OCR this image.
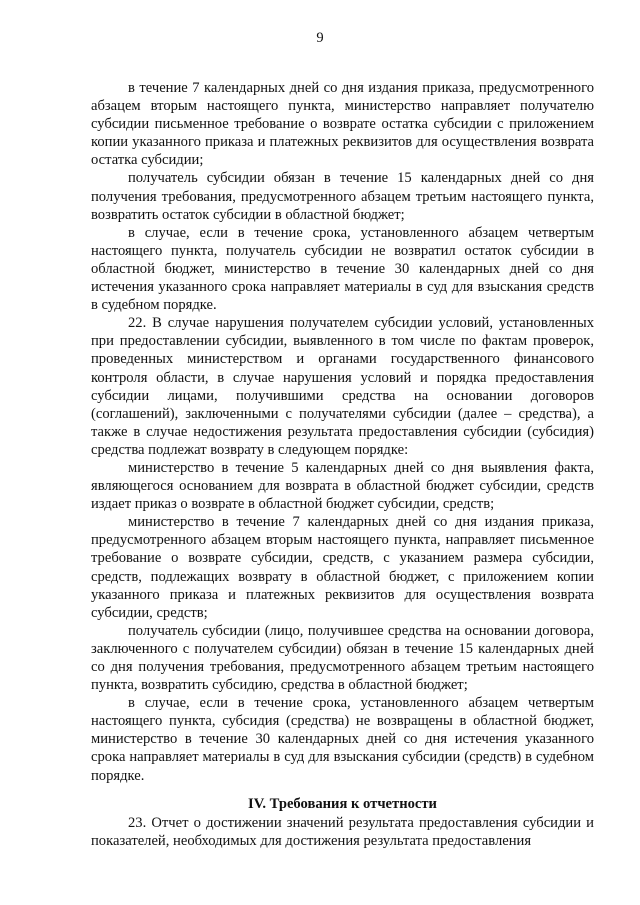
9

в течение 7 календарных дней со дня издания приказа, предусмотренного абзацем вторым настоящего пункта, министерство направляет получателю субсидии письменное требование о возврате остатка субсидии с приложением копии указанного приказа и платежных реквизитов для осуществления возврата остатка субсидии;

получатель субсидии обязан в течение 15 календарных дней со дня получения требования, предусмотренного абзацем третьим настоящего пункта, возвратить остаток субсидии в областной бюджет;

в случае, если в течение срока, установленного абзацем четвертым настоящего пункта, получатель субсидии не возвратил остаток субсидии в областной бюджет, министерство в течение 30 календарных дней со дня истечения указанного срока направляет материалы в суд для взыскания средств в судебном порядке.

22. В случае нарушения получателем субсидии условий, установленных при предоставлении субсидии, выявленного в том числе по фактам проверок, проведенных министерством и органами государственного финансового контроля области, в случае нарушения условий и порядка предоставления субсидии лицами, получившими средства на основании договоров (соглашений), заключенными с получателями субсидии (далее – средства), а также в случае недостижения результата предоставления субсидии (субсидия) средства подлежат возврату в следующем порядке:

министерство в течение 5 календарных дней со дня выявления факта, являющегося основанием для возврата в областной бюджет субсидии, средств издает приказ о возврате в областной бюджет субсидии, средств;

министерство в течение 7 календарных дней со дня издания приказа, предусмотренного абзацем вторым настоящего пункта, направляет письменное требование о возврате субсидии, средств, с указанием размера субсидии, средств, подлежащих возврату в областной бюджет, с приложением копии указанного приказа и платежных реквизитов для осуществления возврата субсидии, средств;

получатель субсидии (лицо, получившее средства на основании договора, заключенного с получателем субсидии) обязан в течение 15 календарных дней со дня получения требования, предусмотренного абзацем третьим настоящего пункта, возвратить субсидию, средства в областной бюджет;

в случае, если в течение срока, установленного абзацем четвертым настоящего пункта, субсидия (средства) не возвращены в областной бюджет, министерство в течение 30 календарных дней со дня истечения указанного срока направляет материалы в суд для взыскания субсидии (средств) в судебном порядке.

IV. Требования к отчетности

23. Отчет о достижении значений результата предоставления субсидии и показателей, необходимых для достижения результата предоставления
